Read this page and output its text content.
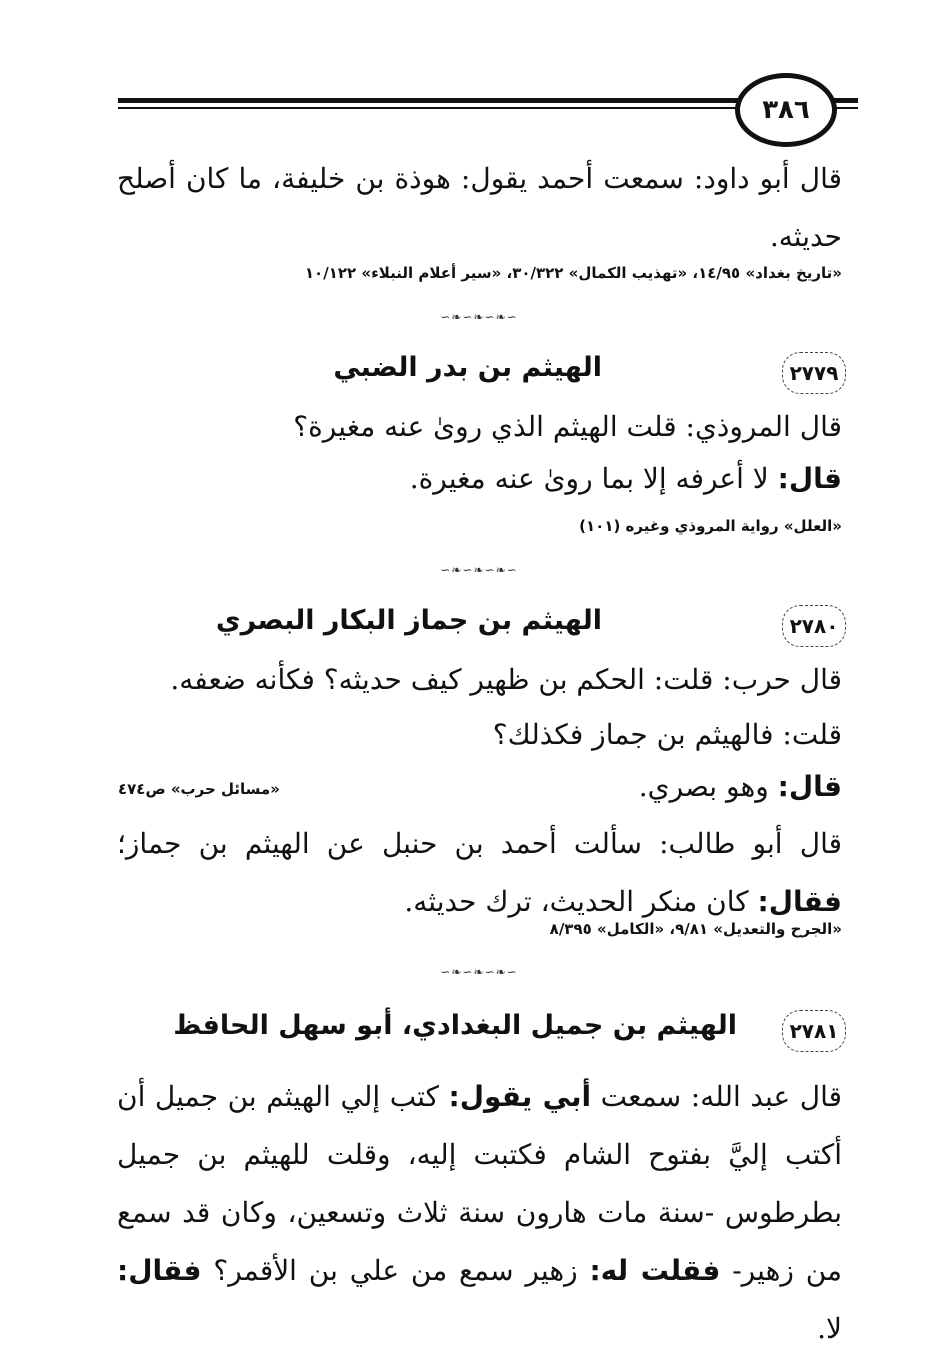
٣٨٦
قال أبو داود: سمعت أحمد يقول: هوذة بن خليفة، ما كان أصلح حديثه.
«تاريخ بغداد» ١٤/٩٥، «تهذيب الكمال» ٣٠/٣٢٢، «سير أعلام النبلاء» ١٠/١٢٢
∽❧∽❧∽❧∽
٢٧٧٩
الهيثم بن بدر الضبي
قال المروذي: قلت الهيثم الذي روىٰ عنه مغيرة؟
قال: لا أعرفه إلا بما روىٰ عنه مغيرة.
«العلل» رواية المروذي وغيره (١٠١)
∽❧∽❧∽❧∽
٢٧٨٠
الهيثم بن جماز البكار البصري
قال حرب: قلت: الحكم بن ظهير كيف حديثه؟ فكأنه ضعفه.
قلت: فالهيثم بن جماز فكذلك؟
قال: وهو بصري.
«مسائل حرب» ص٤٧٤
قال أبو طالب: سألت أحمد بن حنبل عن الهيثم بن جماز؛ فقال: كان منكر الحديث، ترك حديثه.
«الجرح والتعديل» ٩/٨١، «الكامل» ٨/٣٩٥
∽❧∽❧∽❧∽
٢٧٨١
الهيثم بن جميل البغدادي، أبو سهل الحافظ
قال عبد الله: سمعت أبي يقول: كتب إلي الهيثم بن جميل أن أكتب إليَّ بفتوح الشام فكتبت إليه، وقلت للهيثم بن جميل بطرطوس -سنة مات هارون سنة ثلاث وتسعين، وكان قد سمع من زهير- فقلت له: زهير سمع من علي بن الأقمر؟ فقال: لا.
